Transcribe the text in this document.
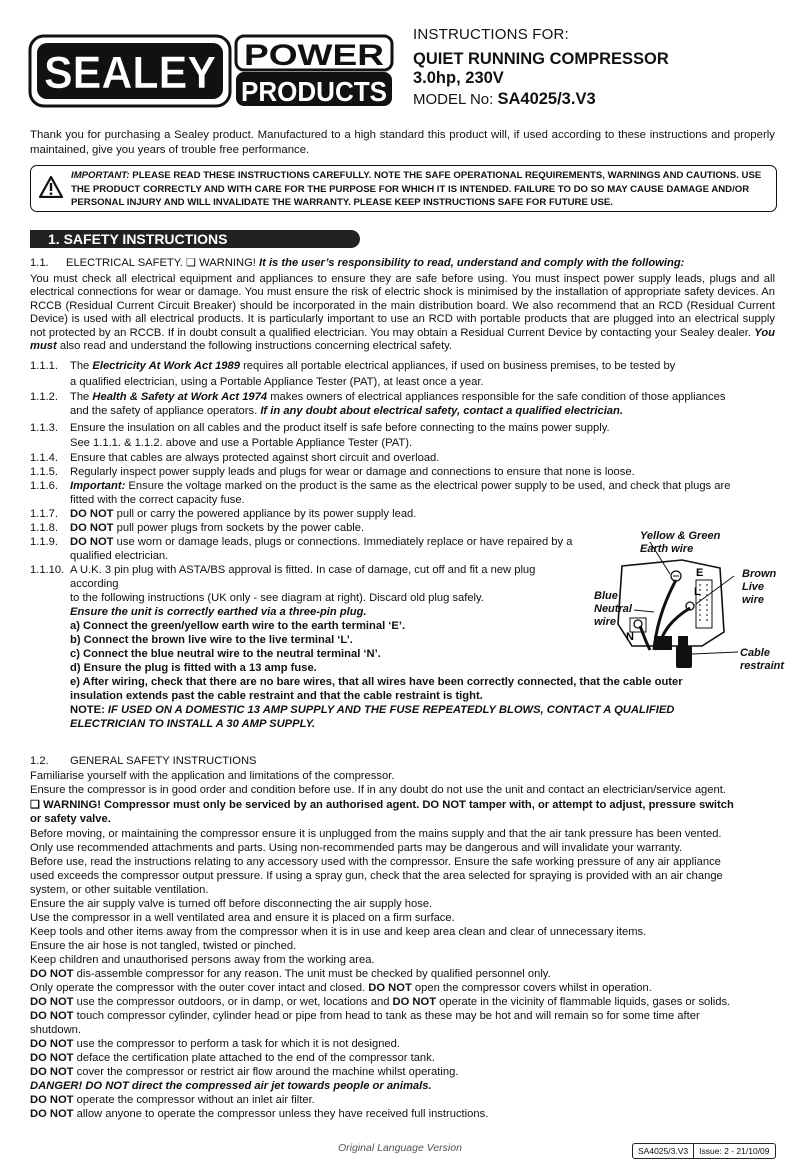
SEALEY POWER
PRODUCTS
INSTRUCTIONS FOR:
QUIET RUNNING COMPRESSOR
3.0hp, 230V
MODEL No: SA4025/3.V3
Thank you for purchasing a Sealey product. Manufactured to a high standard this product will, if used according to these instructions and properly maintained, give you years of trouble free performance.
IMPORTANT: PLEASE READ THESE INSTRUCTIONS CAREFULLY. NOTE THE SAFE OPERATIONAL REQUIREMENTS, WARNINGS AND CAUTIONS. USE THE PRODUCT CORRECTLY AND WITH CARE FOR THE PURPOSE FOR WHICH IT IS INTENDED. FAILURE TO DO SO MAY CAUSE DAMAGE AND/OR PERSONAL INJURY AND WILL INVALIDATE THE WARRANTY. PLEASE KEEP INSTRUCTIONS SAFE FOR FUTURE USE.
1. SAFETY INSTRUCTIONS
1.1. ELECTRICAL SAFETY. ❏ WARNING! It is the user’s responsibility to read, understand and comply with the following:
You must check all electrical equipment and appliances to ensure they are safe before using. You must inspect power supply leads, plugs and all electrical connections for wear or damage. You must ensure the risk of electric shock is minimised by the installation of appropriate safety devices. An RCCB (Residual Current Circuit Breaker) should be incorporated in the main distribution board. We also recommend that an RCD (Residual Current Device) is used with all electrical products. It is particularly important to use an RCD with portable products that are plugged into an electrical supply not protected by an RCCB. If in doubt consult a qualified electrician. You may obtain a Residual Current Device by contacting your Sealey dealer. You must also read and understand the following instructions concerning electrical safety.
1.1.1. The Electricity At Work Act 1989 requires all portable electrical appliances, if used on business premises, to be tested by
a qualified electrician, using a Portable Appliance Tester (PAT), at least once a year.
1.1.2. The Health & Safety at Work Act 1974 makes owners of electrical appliances responsible for the safe condition of those appliances
and the safety of appliance operators. If in any doubt about electrical safety, contact a qualified electrician.
1.1.3. Ensure the insulation on all cables and the product itself is safe before connecting to the mains power supply.
See 1.1.1. & 1.1.2. above and use a Portable Appliance Tester (PAT).
1.1.4. Ensure that cables are always protected against short circuit and overload.
1.1.5. Regularly inspect power supply leads and plugs for wear or damage and connections to ensure that none is loose.
1.1.6. Important: Ensure the voltage marked on the product is the same as the electrical power supply to be used, and check that plugs are
fitted with the correct capacity fuse.
1.1.7. DO NOT pull or carry the powered appliance by its power supply lead.
1.1.8. DO NOT pull power plugs from sockets by the power cable.
1.1.9. DO NOT use worn or damage leads, plugs or connections. Immediately replace or have repaired by a
qualified electrician.
1.1.10. A U.K. 3 pin plug with ASTA/BS approval is fitted. In case of damage, cut off and fit a new plug
according
to the following instructions (UK only - see diagram at right). Discard old plug safely.
Ensure the unit is correctly earthed via a three-pin plug.
a) Connect the green/yellow earth wire to the earth terminal ‘E’.
b) Connect the brown live wire to the live terminal ‘L’.
c) Connect the blue neutral wire to the neutral terminal ‘N’.
d) Ensure the plug is fitted with a 13 amp fuse.
e) After wiring, check that there are no bare wires, that all wires have been correctly connected, that the cable outer
insulation extends past the cable restraint and that the cable restraint is tight.
NOTE: IF USED ON A DOMESTIC 13 AMP SUPPLY AND THE FUSE REPEATEDLY BLOWS, CONTACT A QUALIFIED
ELECTRICIAN TO INSTALL A 30 AMP SUPPLY.
E
L
N
Yellow & Green
Earth wire
Brown
Live
wire
Blue
Neutral
wire
Cable
restraint
1.2. GENERAL SAFETY INSTRUCTIONS
Familiarise yourself with the application and limitations of the compressor.
Ensure the compressor is in good order and condition before use. If in any doubt do not use the unit and contact an electrician/service agent.
❏ WARNING! Compressor must only be serviced by an authorised agent. DO NOT tamper with, or attempt to adjust, pressure switch
or safety valve.
Before moving, or maintaining the compressor ensure it is unplugged from the mains supply and that the air tank pressure has been vented.
Only use recommended attachments and parts. Using non-recommended parts may be dangerous and will invalidate your warranty.
Before use, read the instructions relating to any accessory used with the compressor. Ensure the safe working pressure of any air appliance
used exceeds the compressor output pressure. If using a spray gun, check that the area selected for spraying is provided with an air change
system, or other suitable ventilation.
Ensure the air supply valve is turned off before disconnecting the air supply hose.
Use the compressor in a well ventilated area and ensure it is placed on a firm surface.
Keep tools and other items away from the compressor when it is in use and keep area clean and clear of unnecessary items.
Ensure the air hose is not tangled, twisted or pinched.
Keep children and unauthorised persons away from the working area.
DO NOT dis-assemble compressor for any reason. The unit must be checked by qualified personnel only.
Only operate the compressor with the outer cover intact and closed. DO NOT open the compressor covers whilst in operation.
DO NOT use the compressor outdoors, or in damp, or wet, locations and DO NOT operate in the vicinity of flammable liquids, gases or solids.
DO NOT touch compressor cylinder, cylinder head or pipe from head to tank as these may be hot and will remain so for some time after
shutdown.
DO NOT use the compressor to perform a task for which it is not designed.
DO NOT deface the certification plate attached to the end of the compressor tank.
DO NOT cover the compressor or restrict air flow around the machine whilst operating.
DANGER! DO NOT direct the compressed air jet towards people or animals.
DO NOT operate the compressor without an inlet air filter.
DO NOT allow anyone to operate the compressor unless they have received full instructions.
Original Language Version	SA4025/3.V3	Issue: 2 - 21/10/09
